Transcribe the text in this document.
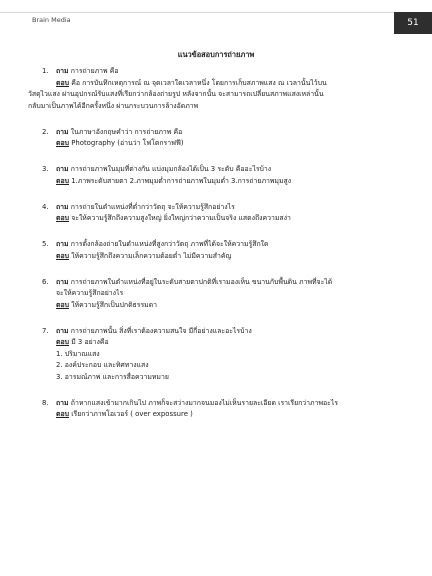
Brain Media	51
แนวข้อสอบการถ่ายภาพ
1. ถาม การถ่ายภาพ คือ

ตอบ คือ การบันทึกเหตุการณ์ ณ จุดเวลาใดเวลาหนึ่ง โดยการเก็บสภาพแสง ณ เวลานั้นไว้บน

วัสดุไวแสง ผ่านอุปกรณ์รับแสงที่เรียกว่ากล้องถ่ายรูป หลังจากนั้น จะสามารถเปลี่ยนสภาพแสงเหล่านั้น

กลับมาเป็นภาพได้อีกครั้งหนึ่ง ผ่านกระบวนการล้างอัดภาพ

2. ถาม ในภาษาอังกฤษคำว่า การถ่ายภาพ คือ

ตอบ Photography (อ่านว่า โฟโตกราฟฟี)

3. ถาม การถ่ายภาพในมุมที่ต่างกัน แบ่งมุมกล้องได้เป็น 3 ระดับ คืออะไรบ้าง

ตอบ 1.ภาพระดับสายตา 2.ภาพมุมต่ำการถ่ายภาพในมุมต่ำ 3.การถ่ายภาพมุมสูง

4. ถาม การถ่ายในตำแหน่งที่ต่ำกว่าวัตถุ จะให้ความรู้สึกอย่างไร

ตอบ จะให้ความรู้สึกถึงความสูงใหญ่ ยิ่งใหญ่กว่าความเป็นจริง แสดงถึงความสง่า

5. ถาม การตั้งกล้องถ่ายในตำแหน่งที่สูงกว่าวัตถุ ภาพที่ได้จะให้ความรู้สึกใด

ตอบ ให้ความรู้สึกถึงความเล็กความต้อยต่ำ ไม่มีความสำคัญ

6. ถาม การถ่ายภาพในตำแหน่งที่อยู่ในระดับสายตาปกติที่เรามองเห็น ขนานกับพื้นดิน ภาพที่จะได้

จะให้ความรู้สึกอย่างไร

ตอบ ให้ความรู้สึกเป็นปกติธรรมดา

7. ถาม การถ่ายภาพนั้น สิ่งที่เราต้องความสนใจ มีกี่อย่างและอะไรบ้าง

ตอบ มี 3 อย่างคือ

1. ปริมาณแสง
2. องค์ประกอบ และทิศทางแสง
3. อารมณ์ภาพ และการสื่อความหมาย
8. ถาม ถ้าหากแสงเข้ามากเกินไป ภาพก็จะสว่างมากจนมองไม่เห็นรายละเอียด เราเรียกว่าภาพอะไร

ตอบ เรียกว่าภาพโอเวอร์ ( over expossure )
